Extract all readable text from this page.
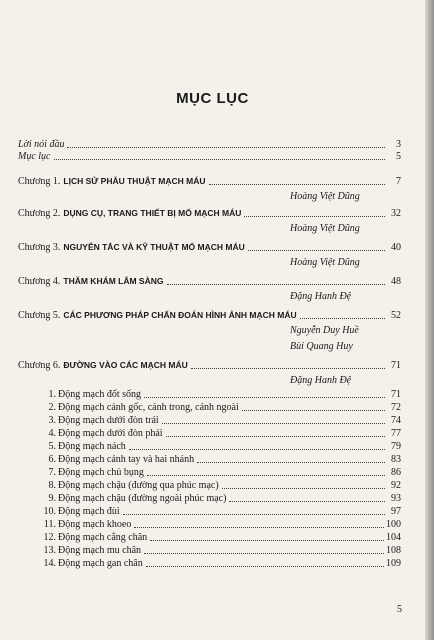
MỤC LỤC
Lời nói đầu	3
Mục lục	5
Chương 1. LỊCH SỬ PHẪU THUẬT MẠCH MÁU	7
Hoàng Việt Dũng
Chương 2. DỤNG CỤ, TRANG THIẾT BỊ MỔ MẠCH MÁU	32
Hoàng Việt Dũng
Chương 3. NGUYÊN TẮC VÀ KỸ THUẬT MỔ MẠCH MÁU	40
Hoàng Việt Dũng
Chương 4. THĂM KHÁM LÂM SÀNG	48
Đặng Hanh Đệ
Chương 5. CÁC PHƯƠNG PHÁP CHẨN ĐOÁN HÌNH ẢNH MẠCH MÁU	52
Nguyễn Duy Huề
Bùi Quang Huy
Chương 6. ĐƯỜNG VÀO CÁC MẠCH MÁU	71
Đặng Hanh Đệ
1. Động mạch đốt sống	71
2. Động mạch cảnh gốc, cảnh trong, cảnh ngoài	72
3. Động mạch dưới đòn trái	74
4. Động mạch dưới đòn phải	77
5. Động mạch nách	79
6. Động mạch cánh tay và hai nhánh	83
7. Động mạch chủ bụng	86
8. Động mạch chậu (đường qua phúc mạc)	92
9. Động mạch chậu (đường ngoài phúc mạc)	93
10. Động mạch đùi	97
11. Động mạch khoeo	100
12. Động mạch cẳng chân	104
13. Động mạch mu chân	108
14. Động mạch gan chân	109
5
